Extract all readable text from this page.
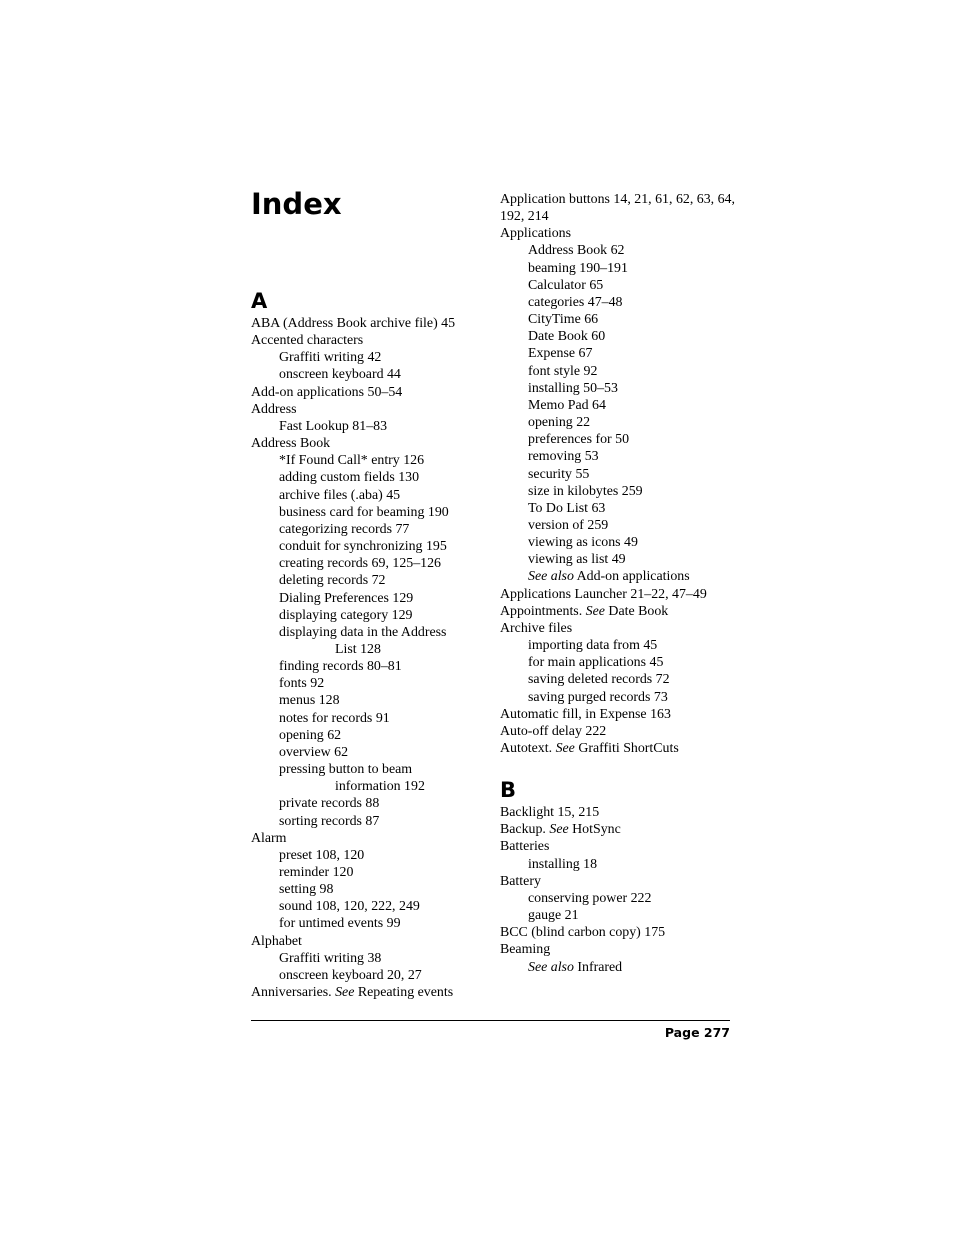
Index
A
ABA (Address Book archive file) 45
Accented characters
Graffiti writing 42
onscreen keyboard 44
Add-on applications 50–54
Address
Fast Lookup 81–83
Address Book
*If Found Call* entry 126
adding custom fields 130
archive files (.aba) 45
business card for beaming 190
categorizing records 77
conduit for synchronizing 195
creating records 69, 125–126
deleting records 72
Dialing Preferences 129
displaying category 129
displaying data in the Address
List 128
finding records 80–81
fonts 92
menus 128
notes for records 91
opening 62
overview 62
pressing button to beam
information 192
private records 88
sorting records 87
Alarm
preset 108, 120
reminder 120
setting 98
sound 108, 120, 222, 249
for untimed events 99
Alphabet
Graffiti writing 38
onscreen keyboard 20, 27
Anniversaries. See Repeating events
Application buttons 14, 21, 61, 62, 63, 64, 192, 214
Applications
Address Book 62
beaming 190–191
Calculator 65
categories 47–48
CityTime 66
Date Book 60
Expense 67
font style 92
installing 50–53
Memo Pad 64
opening 22
preferences for 50
removing 53
security 55
size in kilobytes 259
To Do List 63
version of 259
viewing as icons 49
viewing as list 49
See also Add-on applications
Applications Launcher 21–22, 47–49
Appointments. See Date Book
Archive files
importing data from 45
for main applications 45
saving deleted records 72
saving purged records 73
Automatic fill, in Expense 163
Auto-off delay 222
Autotext. See Graffiti ShortCuts
B
Backlight 15, 215
Backup. See HotSync
Batteries
installing 18
Battery
conserving power 222
gauge 21
BCC (blind carbon copy) 175
Beaming
See also Infrared
Page 277
